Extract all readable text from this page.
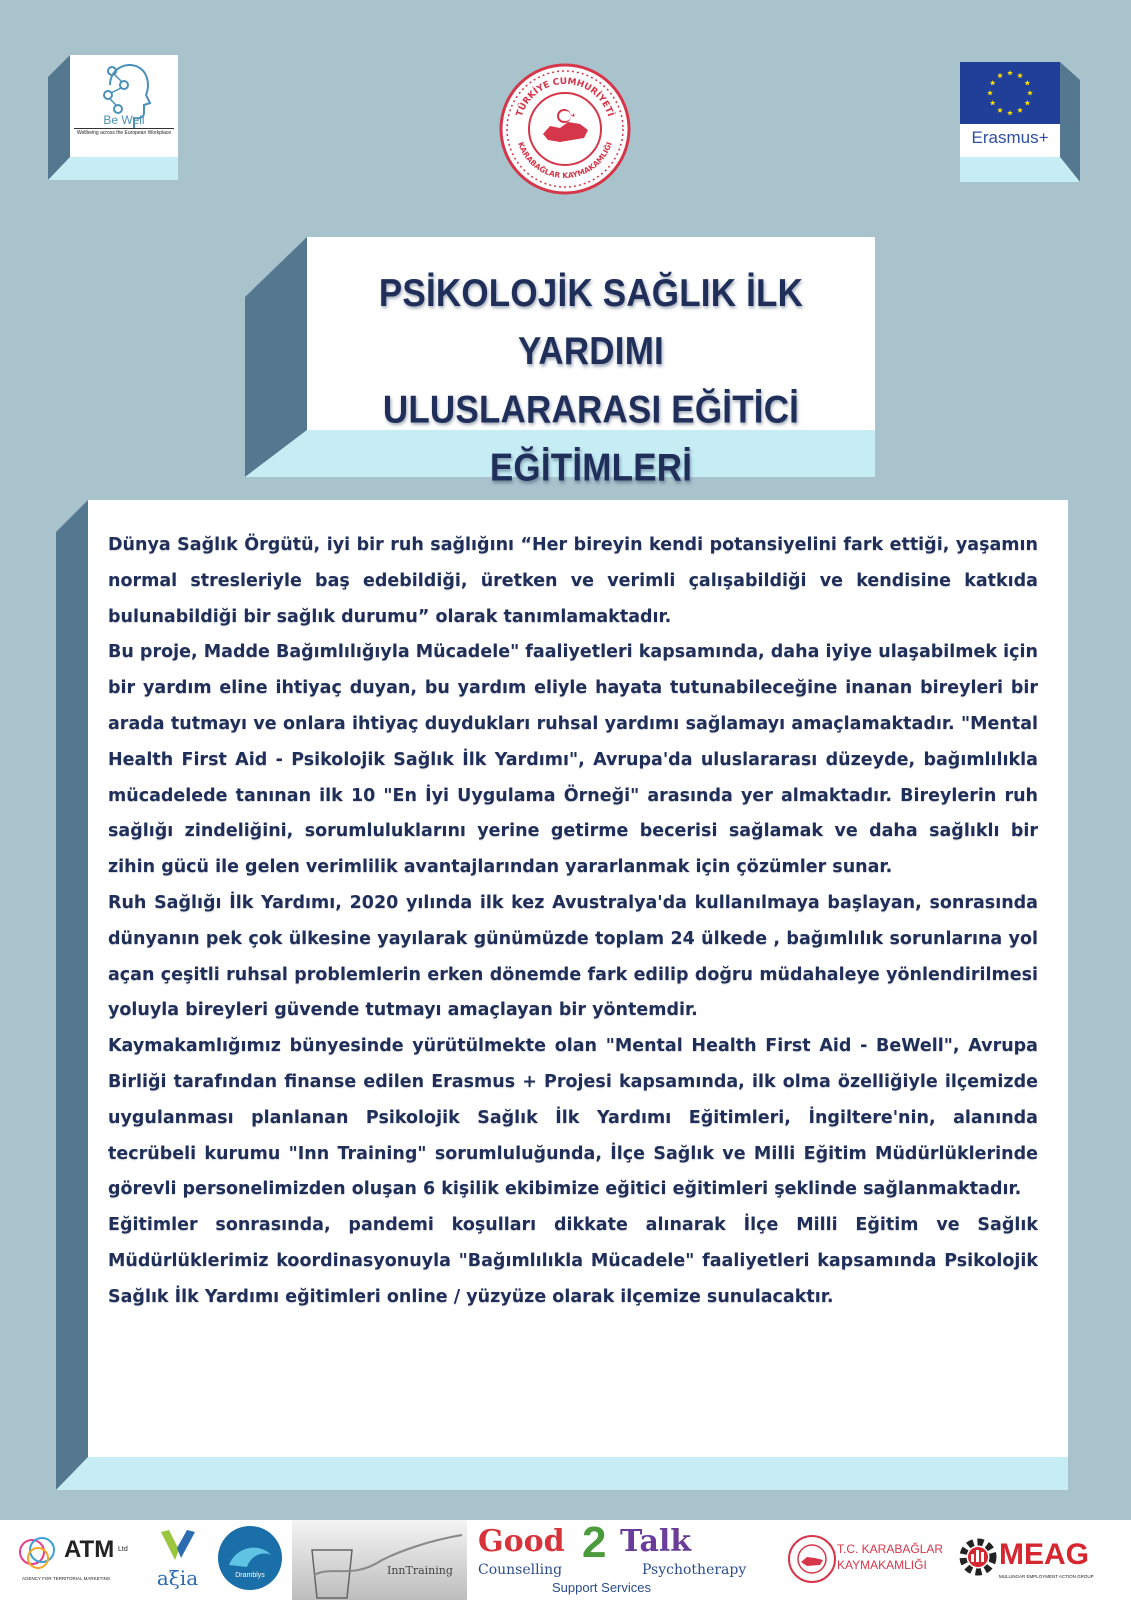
Be Well
Wellbeing across the European Workplace
TÜRKİYE CUMHURİYETİ
KARABAĞLAR KAYMAKAMLIĞI	Erasmus+
PSİKOLOJİK SAĞLIK İLK YARDIMI
ULUSLARARASI EĞİTİCİ EĞİTİMLERİ

Dünya Sağlık Örgütü, iyi bir ruh sağlığını “Her bireyin kendi potansiyelini fark ettiği, yaşamın normal stresleriyle baş edebildiği, üretken ve verimli çalışabildiği ve kendisine katkıda bulunabildiği bir sağlık durumu” olarak tanımlamaktadır.

Bu proje, Madde Bağımlılığıyla Mücadele" faaliyetleri kapsamında, daha iyiye ulaşabilmek için bir yardım eline ihtiyaç duyan, bu yardım eliyle hayata tutunabileceğine inanan bireyleri bir arada tutmayı ve onlara ihtiyaç duydukları ruhsal yardımı sağlamayı amaçlamaktadır. "Mental Health First Aid - Psikolojik Sağlık İlk Yardımı", Avrupa'da uluslararası düzeyde, bağımlılıkla mücadelede tanınan ilk 10 "En İyi Uygulama Örneği" arasında yer almaktadır. Bireylerin ruh sağlığı zindeliğini, sorumluluklarını yerine getirme becerisi sağlamak ve daha sağlıklı bir zihin gücü ile gelen verimlilik avantajlarından yararlanmak için çözümler sunar.

Ruh Sağlığı İlk Yardımı, 2020 yılında ilk kez Avustralya'da kullanılmaya başlayan, sonrasında dünyanın pek çok ülkesine yayılarak günümüzde toplam 24 ülkede , bağımlılık sorunlarına yol açan çeşitli ruhsal problemlerin erken dönemde fark edilip doğru müdahaleye yönlendirilmesi yoluyla bireyleri güvende tutmayı amaçlayan bir yöntemdir.

Kaymakamlığımız bünyesinde yürütülmekte olan "Mental Health First Aid - BeWell", Avrupa Birliği tarafından finanse edilen Erasmus + Projesi kapsamında, ilk olma özelliğiyle ilçemizde uygulanması planlanan Psikolojik Sağlık İlk Yardımı Eğitimleri, İngiltere'nin, alanında tecrübeli kurumu "Inn Training" sorumluluğunda, İlçe Sağlık ve Milli Eğitim Müdürlüklerinde görevli personelimizden oluşan 6 kişilik ekibimize eğitici eğitimleri şeklinde sağlanmaktadır.

Eğitimler sonrasında, pandemi koşulları dikkate alınarak İlçe Milli Eğitim ve Sağlık Müdürlüklerimiz koordinasyonuyla "Bağımlılıkla Mücadele" faaliyetleri kapsamında Psikolojik Sağlık İlk Yardımı eğitimleri online / yüzyüze olarak ilçemize sunulacaktır.

ATM Ltd
AGENCY FOR TERRITORIAL MARKETING	aξia	Dramblys	InnTraining
Good 2 Talk
Counselling	Psychotherapy
Support Services
T.C. KARABAĞLAR
KAYMAKAMLIĞI MEAG
MULLINGAR EMPLOYMENT ACTION GROUP
